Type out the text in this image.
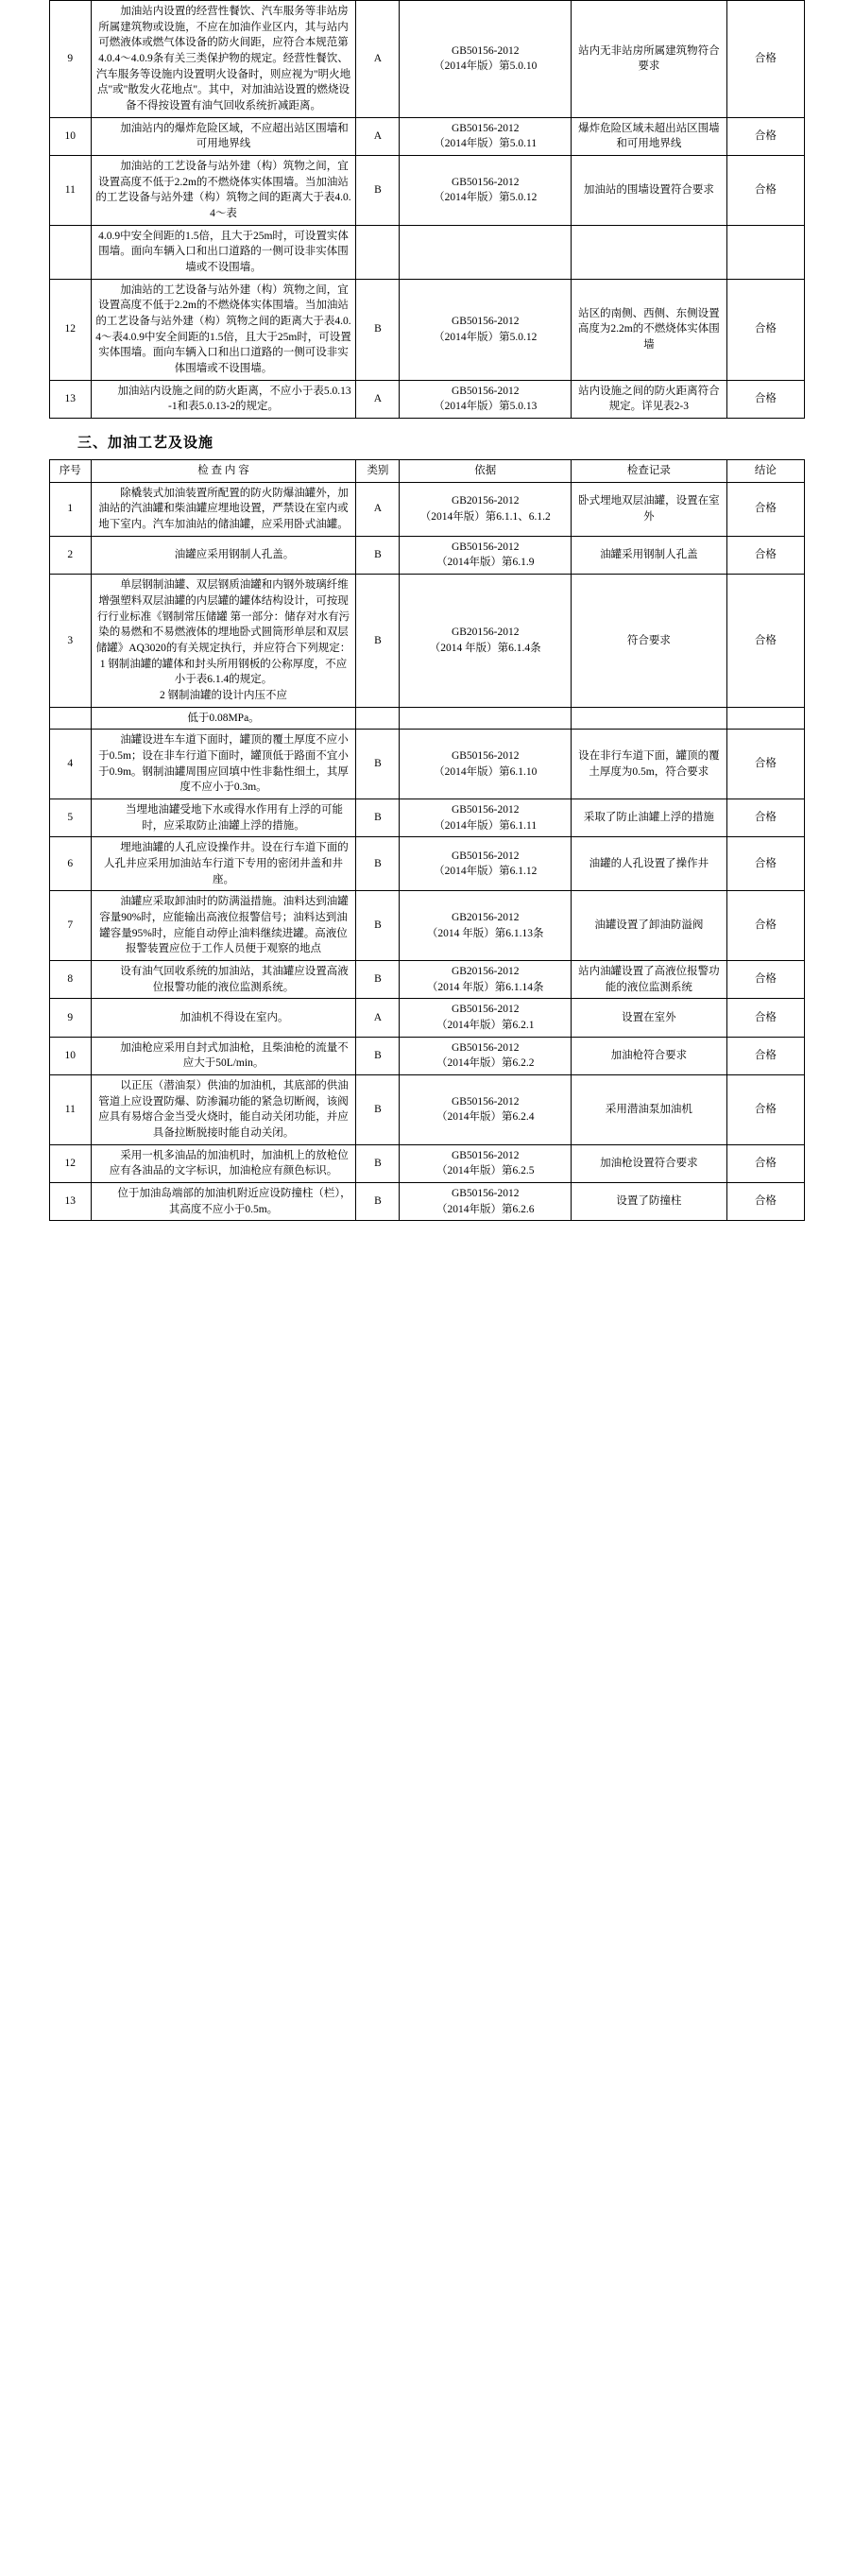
9	加油站内设置的经营性餐饮、汽车服务等非站房所属建筑物或设施，不应在加油作业区内，其与站内可燃液体或燃气体设备的防火间距，应符合本规范第4.0.4～4.0.9条有关三类保护物的规定。经营性餐饮、汽车服务等设施内设置明火设备时，则应视为"明火地点"或"散发火花地点"。其中，对加油站设置的燃烧设备不得按设置有油气回收系统折减距离。	A	GB50156-2012
（2014年版）第5.0.10	站内无非站房所属建筑物符合要求	合格
10	加油站内的爆炸危险区域，不应超出站区围墙和可用地界线	A	GB50156-2012
（2014年版）第5.0.11	爆炸危险区域未超出站区围墙和可用地界线	合格
11	加油站的工艺设备与站外建（构）筑物之间，宜设置高度不低于2.2m的不燃烧体实体围墙。当加油站的工艺设备与站外建（构）筑物之间的距离大于表4.0.4～表	B	GB50156-2012
（2014年版）第5.0.12	加油站的围墙设置符合要求	合格
	4.0.9中安全间距的1.5倍，且大于25m时，可设置实体围墙。面向车辆入口和出口道路的一侧可设非实体围墙或不设围墙。				
12	加油站的工艺设备与站外建（构）筑物之间，宜设置高度不低于2.2m的不燃烧体实体围墙。当加油站的工艺设备与站外建（构）筑物之间的距离大于表4.0.4～表4.0.9中安全间距的1.5倍，且大于25m时，可设置实体围墙。面向车辆入口和出口道路的一侧可设非实体围墙或不设围墙。	B	GB50156-2012
（2014年版）第5.0.12	站区的南侧、西侧、东侧设置高度为2.2m的不燃烧体实体围墙	合格
13	加油站内设施之间的防火距离，不应小于表5.0.13-1和表5.0.13-2的规定。	A	GB50156-2012
（2014年版）第5.0.13	站内设施之间的防火距离符合规定。详见表2-3	合格
三、加油工艺及设施
序号	检 查 内 容	类别	依据	检查记录	结论
1	除橇装式加油装置所配置的防火防爆油罐外，加油站的汽油罐和柴油罐应埋地设置，严禁设在室内或地下室内。汽车加油站的储油罐，应采用卧式油罐。	A	GB20156-2012
（2014年版）第6.1.1、6.1.2	卧式埋地双层油罐，设置在室外	合格
2	油罐应采用钢制人孔盖。	B	GB50156-2012
（2014年版）第6.1.9	油罐采用钢制人孔盖	合格
3	单层钢制油罐、双层钢质油罐和内钢外玻璃纤维增强塑料双层油罐的内层罐的罐体结构设计，可按现行行业标准《钢制常压储罐 第一部分：储存对水有污染的易燃和不易燃液体的埋地卧式圆筒形单层和双层储罐》AQ3020的有关规定执行，并应符合下列规定：
1 钢制油罐的罐体和封头所用钢板的公称厚度，不应小于表6.1.4的规定。
2 钢制油罐的设计内压不应	B	GB20156-2012
（2014 年版）第6.1.4条	符合要求	合格
	低于0.08MPa。				
4	油罐设进车车道下面时，罐顶的覆土厚度不应小于0.5m；设在非车行道下面时，罐顶低于路面不宜小于0.9m。钢制油罐周围应回填中性非黏性细土，其厚度不应小于0.3m。	B	GB50156-2012
（2014年版）第6.1.10	设在非行车道下面，罐顶的覆土厚度为0.5m，符合要求	合格
5	当埋地油罐受地下水或得水作用有上浮的可能时，应采取防止油罐上浮的措施。	B	GB50156-2012
（2014年版）第6.1.11	采取了防止油罐上浮的措施	合格
6	埋地油罐的人孔应设操作井。设在行车道下面的人孔井应采用加油站车行道下专用的密闭井盖和井座。	B	GB50156-2012
（2014年版）第6.1.12	油罐的人孔设置了操作井	合格
7	油罐应采取卸油时的防满溢措施。油料达到油罐容量90%时，应能输出高液位报警信号；油料达到油罐容量95%时，应能自动停止油料继续进罐。高液位报警装置应位于工作人员便于观察的地点	B	GB20156-2012
（2014 年版）第6.1.13条	油罐设置了卸油防溢阀	合格
8	设有油气回收系统的加油站，其油罐应设置高液位报警功能的液位监测系统。	B	GB20156-2012
（2014 年版）第6.1.14条	站内油罐设置了高液位报警功能的液位监测系统	合格
9	加油机不得设在室内。	A	GB50156-2012
（2014年版）第6.2.1	设置在室外	合格
10	加油枪应采用自封式加油枪，且柴油枪的流量不应大于50L/min。	B	GB50156-2012
（2014年版）第6.2.2	加油枪符合要求	合格
11	以正压（潜油泵）供油的加油机，其底部的供油管道上应设置防爆、防渗漏功能的紧急切断阀，该阀应具有易熔合金当受火烧时，能自动关闭功能，并应具备拉断脱接时能自动关闭。	B	GB50156-2012
（2014年版）第6.2.4	采用潜油泵加油机	合格
12	采用一机多油品的加油机时，加油机上的放枪位应有各油品的文字标识，加油枪应有颜色标识。	B	GB50156-2012
（2014年版）第6.2.5	加油枪设置符合要求	合格
13	位于加油岛端部的加油机附近应设防撞柱（栏），其高度不应小于0.5m。	B	GB50156-2012
（2014年版）第6.2.6	设置了防撞柱	合格
